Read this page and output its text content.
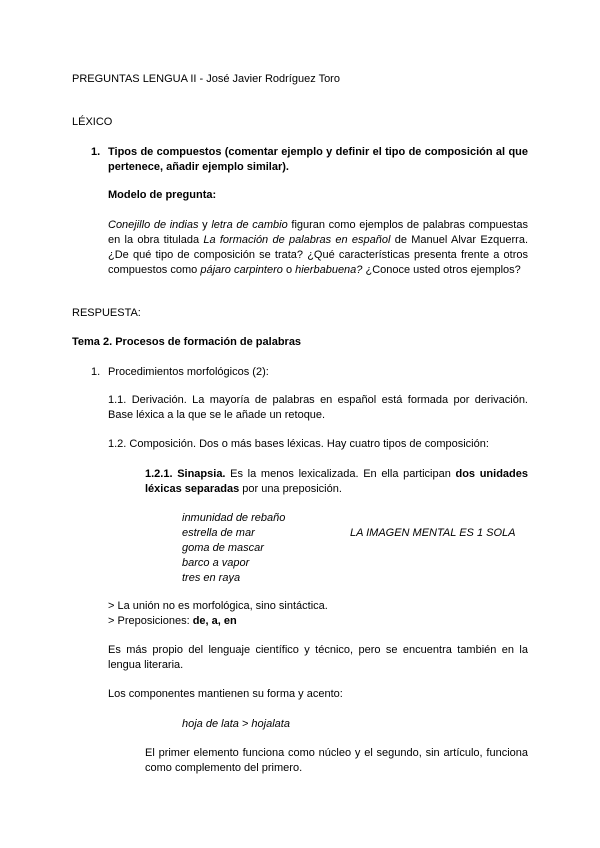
PREGUNTAS LENGUA II - José Javier Rodríguez Toro
LÉXICO
1. Tipos de compuestos (comentar ejemplo y definir el tipo de composición al que pertenece, añadir ejemplo similar).
Modelo de pregunta:
Conejillo de indias y letra de cambio figuran como ejemplos de palabras compuestas en la obra titulada La formación de palabras en español de Manuel Alvar Ezquerra. ¿De qué tipo de composición se trata? ¿Qué características presenta frente a otros compuestos como pájaro carpintero o hierbabuena? ¿Conoce usted otros ejemplos?
RESPUESTA:
Tema 2. Procesos de formación de palabras
1. Procedimientos morfológicos (2):
1.1. Derivación. La mayoría de palabras en español está formada por derivación. Base léxica a la que se le añade un retoque.
1.2. Composición. Dos o más bases léxicas. Hay cuatro tipos de composición:
1.2.1. Sinapsia. Es la menos lexicalizada. En ella participan dos unidades léxicas separadas por una preposición.
inmunidad de rebaño
estrella de mar
goma de mascar
barco a vapor
tres en raya
LA IMAGEN MENTAL ES 1 SOLA
> La unión no es morfológica, sino sintáctica.
> Preposiciones: de, a, en
Es más propio del lenguaje científico y técnico, pero se encuentra también en la lengua literaria.
Los componentes mantienen su forma y acento:
hoja de lata > hojalata
El primer elemento funciona como núcleo y el segundo, sin artículo, funciona como complemento del primero.
